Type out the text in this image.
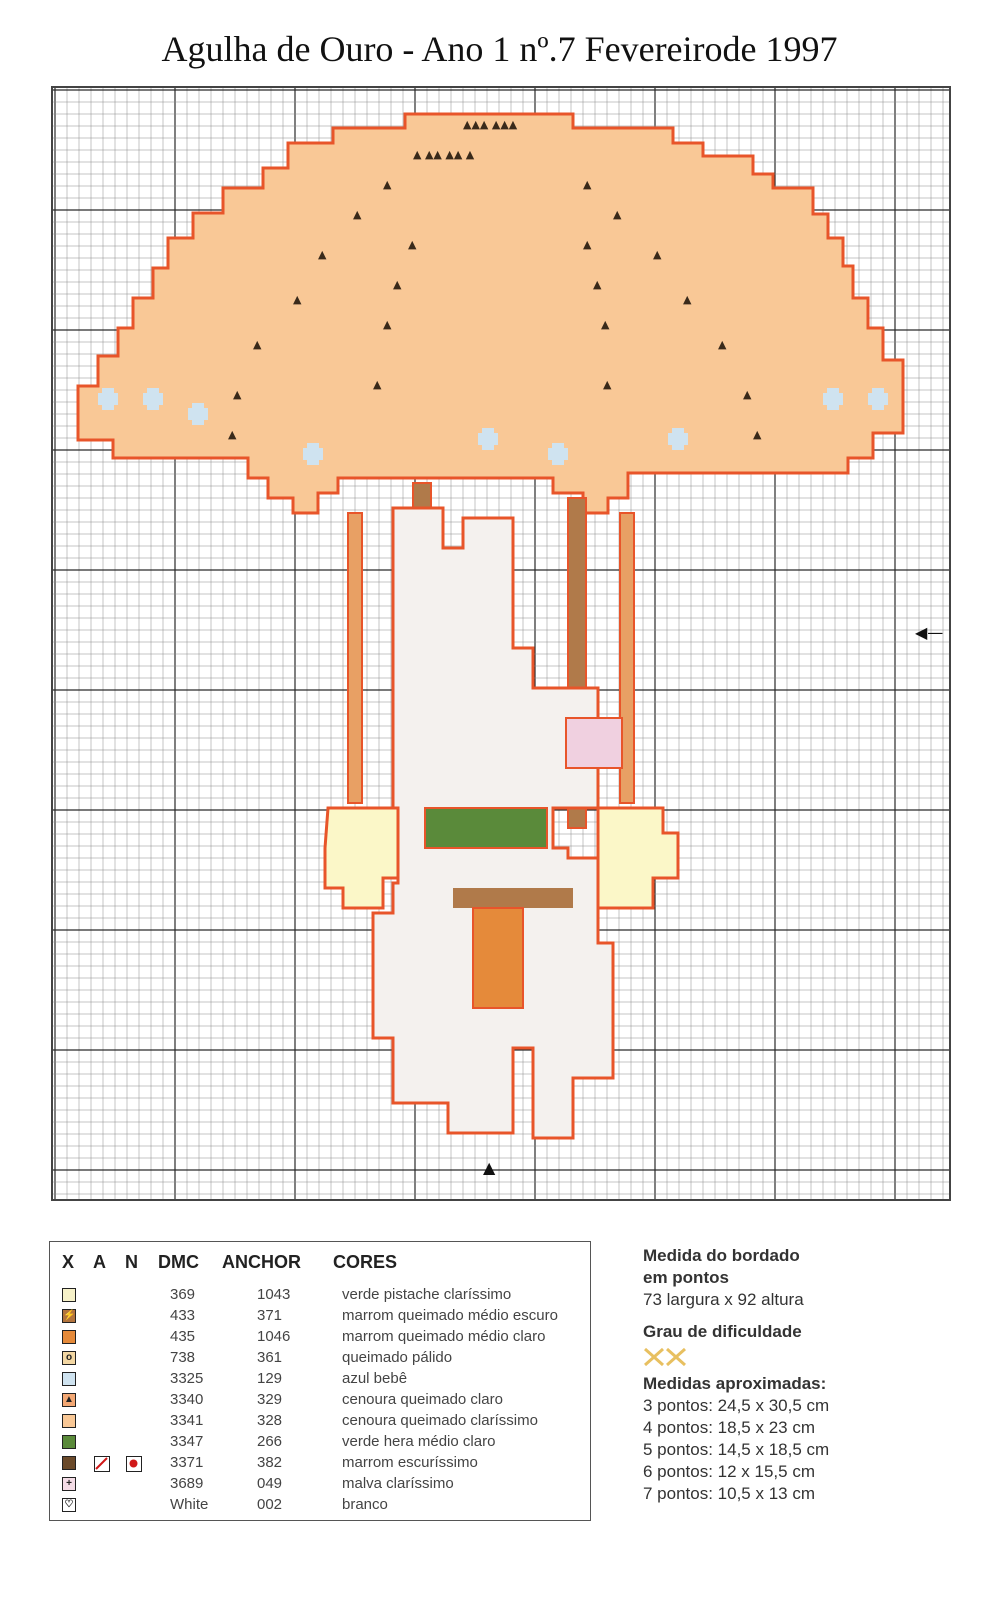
Agulha de Ouro - Ano 1 nº.7 Fevereirode 1997
▲▲▲ ▲▲▲
▲ ▲▲ ▲▲ ▲
▲	▲
▲	▲
▲	▲
▲	▲
▲	▲
▲	▲
▲	▲
▲
▲
▲	▲
▲
▲
▲
▲
◀—
▲
X A N DMC ANCHOR CORES
369	1043	verde pistache claríssimo
⚡	433	371	marrom queimado médio escuro
435	1046	marrom queimado médio claro
o	738	361	queimado pálido
3325	129	azul bebê
▲	3340	329	cenoura queimado claro
3341	328	cenoura queimado claríssimo
3347	266	verde hera médio claro
3371	382	marrom escuríssimo
+	3689	049	malva claríssimo
♡	White	002	branco
Medida do bordado
em pontos
73 largura x 92 altura
Grau de dificuldade
Medidas aproximadas:
3 pontos: 24,5 x 30,5 cm
4 pontos: 18,5 x 23 cm
5 pontos: 14,5 x 18,5 cm
6 pontos: 12 x 15,5 cm
7 pontos: 10,5 x 13 cm
